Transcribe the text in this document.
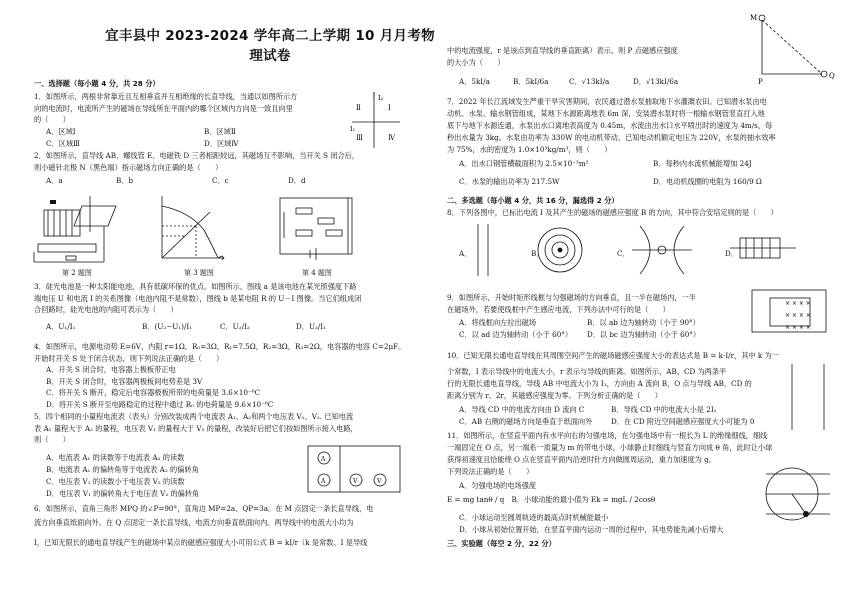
宜丰县中 2023-2024 学年高二上学期 10 月月考物理试卷
一、选择题（每小题 4 分，共 28 分）
1．如图所示，两根非常靠近且互相垂直并互相绝缘的长直导线，当通以如图所示方
向的电流时，电流所产生的磁场在导线所在平面内的哪个区域内方向是一致且向里
的（　　）
A．区域Ⅰ	B．区域Ⅱ
C．区域Ⅲ	D．区域Ⅳ
2．如图所示，直导线 AB、螺线管 E、电磁铁 D 三者相距较远，其磁场互不影响，当开关 S 闭合后，
则小磁针北极 N（黑色端）指示磁场方向正确的是（　　）
A．a	B．b	C．c	D．d
第 2 题图	第 3 题图	第 4 题图
3．硅光电池是一种太阳能电池，具有低碳环保的优点。如图所示，图线 a 是该电池在某光照强度下路
端电压 U 和电流 I 的关系图像（电池内阻不是常数），图线 b 是某电阻 R 的 U－I 图像。当它们组成闭
合回路时，硅光电池的内阻可表示为（　　）
A．U₁/I₁	B．(U₂−U₁)/I₁	C．U₂/I₂	D．U₂/I₁
4．如图所示，电源电动势 E=6V，内阻 r=1Ω，R₀=3Ω，R₁=7.5Ω，R₂=3Ω，R₃=2Ω，电容器的电容 C=2μF。
开始时开关 S 处于闭合状态，则下列说法正确的是（　　）
A．开关 S 闭合时，电容器上极板带正电
B．开关 S 闭合时，电容器两极板间电势差是 3V
C．将开关 S 断开，稳定后电容器极板所带的电荷量是 3.6×10⁻⁶C
D．将开关 S 断开至电路稳定的过程中通过 R₀ 的电荷量是 9.6×10⁻⁶C
5．四个相同的小量程电流表（表头）分别改装成两个电流表 A₁、A₂和两个电压表 V₁、V₂. 已知电流
表 A₁ 量程大于 A₂ 的量程，电压表 V₁ 的量程大于 V₂ 的量程，改装好后把它们按如图所示接入电路，
则（　　）
A．电流表 A₁ 的读数等于电流表 A₂ 的读数
B．电流表 A₁ 的偏转角等于电流表 A₂ 的偏转角
C．电压表 V₁ 的读数小于电压表 V₂ 的读数
D．电压表 V₁ 的偏转角大于电压表 V₂ 的偏转角
6．如图所示，直角三角形 MPQ 的∠P=90°，直角边 MP=2a、QP=3a。在 M 点固定一条长直导线，电
流方向垂直纸面向外。在 Q 点固定一条长直导线，电流方向垂直纸面向内。两导线中的电流大小均为
I，已知无限长的通电直导线产生的磁场中某点的磁感应强度大小可用公式 B = kI/r（k 是常数、I 是导线
Ⅱ	Ⅰ
Ⅲ	Ⅳ
I₂
I₁
中的电流强度，r 是该点到直导线的垂直距离）表示。则 P 点磁感应强度
的大小为（　　）
A．5kI/a	B．5kI/6a	C．√13kI/a	D．√13kI/6a
7．2022 年长江流域发生严重干旱灾害期间，农民通过潜水泵抽取地下水灌溉农田。已知潜水泵由电
动机、水泵、输水钢管组成，某地下水源距离地表 6m 深，安装潜水泵时将一根输水钢管竖直打入地
底下与地下水源连通，水泵出水口离地表高度为 0.45m，水流由出水口水平喷出时的速度为 4m/s，每
秒出水量为 3kg。水泵由功率为 330W 的电动机带动，已知电动机额定电压为 220V，水泵的抽水效率
为 75%，水的密度为 1.0×10³kg/m³，则（　　）
A．出水口钢管横截面积为 2.5×10⁻³m²	B．每秒内水流机械能增加 24J
C．水泵的输出功率为 217.5W	D．电动机线圈的电阻为 160/9 Ω
二、多选题（每小题 4 分，共 16 分，漏选得 2 分）
8．下列各图中，已标出电流 I 及其产生的磁场的磁感应强度 B 的方向，其中符合安培定则的是（　　）
A．	B．	C．	D．
9．如图所示，开始时矩形线框与匀强磁场的方向垂直，且一半在磁场内，一半
在磁场外，若要使线框中产生感应电流，下列办法中可行的是（　　）
A．将线框向左拉出磁场	B．以 ab 边为轴转动（小于 90°）
C．以 ad 边为轴转动（小于 60°） D．以 bc 边为轴转动（小于 60°）
10．已知无限长通电直导线在其周围空间产生的磁场磁感应强度大小的表达式是 B = k·I/r，其中 k 为一
个常数，I 表示导线中的电流大小，r 表示与导线的距离。如图所示，AB、CD 为两条平
行的无限长通电直导线，导线 AB 中电流大小为 I₁，方向由 A 流向 B，O 点与导线 AB、CD 的
距离分别为 r、2r，其磁感应强度为零。下列分析正确的是（　　）
A．导线 CD 中的电流方向由 D 流向 C	B．导线 CD 中的电流大小是 2I₁
C．AB 右侧的磁场方向是垂直于纸面向外	D．在 CD 附近空间磁感应强度大小可能为 0
11．如图所示，在竖直平面内有水平向右的匀强电场，在匀强电场中有一根长为 L 的绝缘细线，细线
一端固定在 O 点，另一端系一质量为 m 的带电小球。小球静止时细线与竖直方向成 θ 角，此时让小球
获得初速度且恰能绕 O 点在竖直平面内沿逆时针方向做圆周运动，重力加速度为 g。
下列说法正确的是（　　）
A．匀强电场的电场强度
E = mg tanθ / q　B．小球动能的最小值为 Ek = mgL / 2cosθ
C．小球运动至圆周轨迹的最高点时机械能最小
D．小球从初始位置开始，在竖直平面内运动一周的过程中，其电势能先减小后增大
三、实验题（每空 2 分，22 分）
A
A	V	V
M
P
Q
× × × ×
× × × ×
× × × ×
